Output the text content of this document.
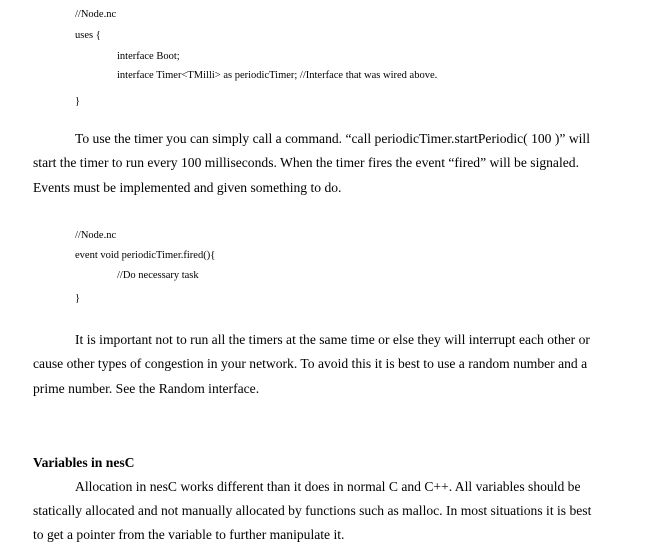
//Node.nc
uses {
interface Boot;
interface Timer<TMilli> as periodicTimer; //Interface that was wired above.
}
To use the timer you can simply call a command. “call periodicTimer.startPeriodic( 100 )” will
start the timer to run every 100 milliseconds. When the timer fires the event “fired” will be signaled.
Events must be implemented and given something to do.
//Node.nc
event void periodicTimer.fired(){
//Do necessary task
}
It is important not to run all the timers at the same time or else they will interrupt each other or
cause other types of congestion in your network. To avoid this it is best to use a random number and a
prime number. See the Random interface.
Variables in nesC
Allocation in nesC works different than it does in normal C and C++. All variables should be
statically allocated and not manually allocated by functions such as malloc. In most situations it is best
to get a pointer from the variable to further manipulate it.
